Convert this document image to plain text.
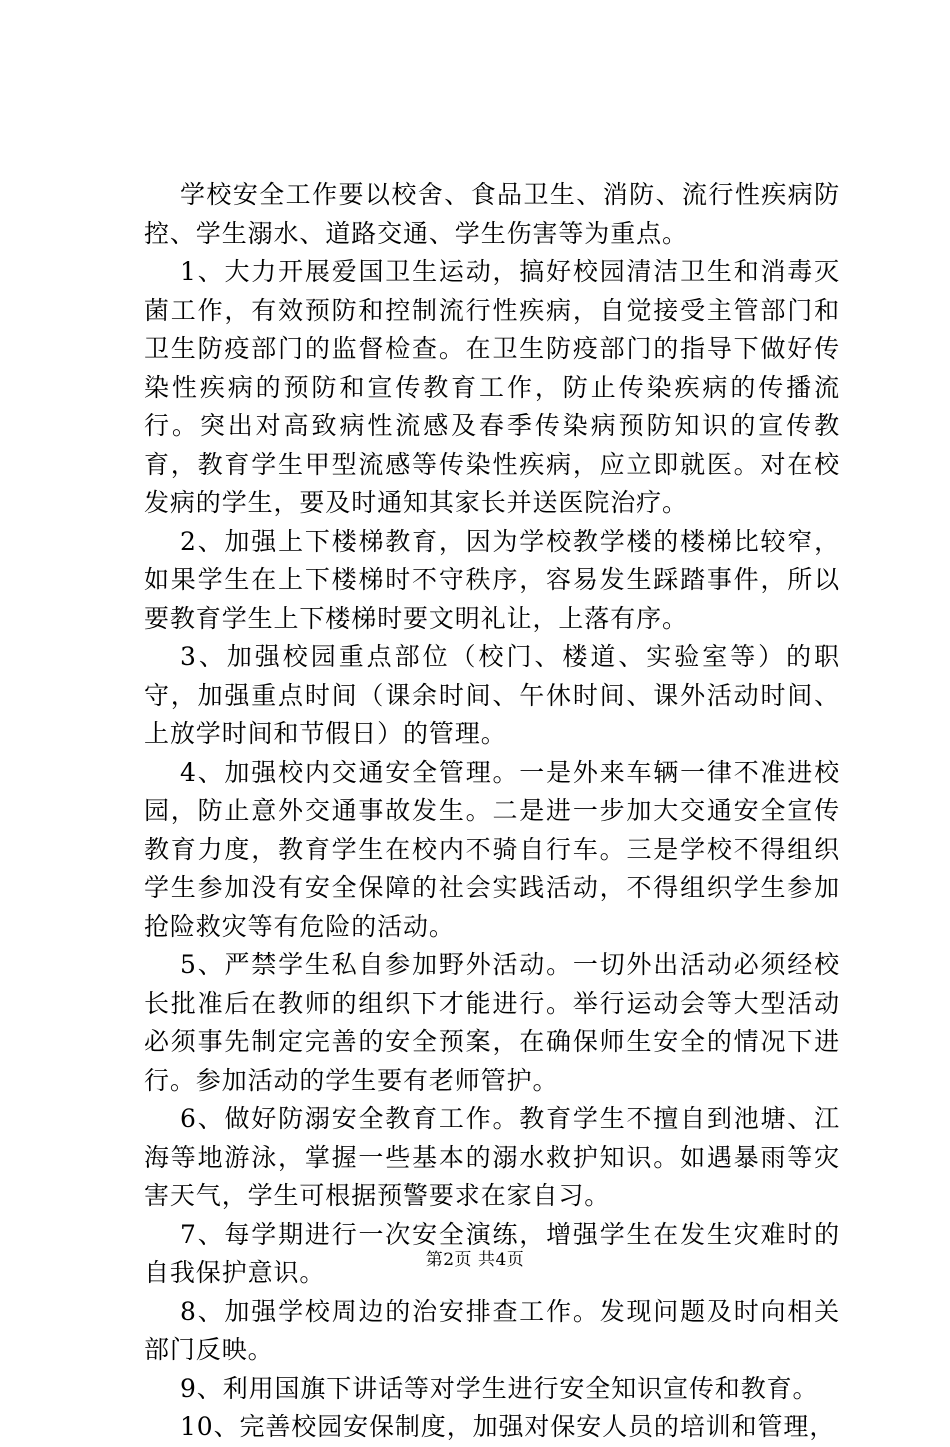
学校安全工作要以校舍、食品卫生、消防、流行性疾病防控、学生溺水、道路交通、学生伤害等为重点。

1、大力开展爱国卫生运动，搞好校园清洁卫生和消毒灭菌工作，有效预防和控制流行性疾病，自觉接受主管部门和卫生防疫部门的监督检查。在卫生防疫部门的指导下做好传染性疾病的预防和宣传教育工作，防止传染疾病的传播流行。突出对高致病性流感及春季传染病预防知识的宣传教育，教育学生甲型流感等传染性疾病，应立即就医。对在校发病的学生，要及时通知其家长并送医院治疗。

2、加强上下楼梯教育，因为学校教学楼的楼梯比较窄，如果学生在上下楼梯时不守秩序，容易发生踩踏事件，所以要教育学生上下楼梯时要文明礼让，上落有序。

3、加强校园重点部位（校门、楼道、实验室等）的职守，加强重点时间（课余时间、午休时间、课外活动时间、上放学时间和节假日）的管理。

4、加强校内交通安全管理。一是外来车辆一律不准进校园，防止意外交通事故发生。二是进一步加大交通安全宣传教育力度，教育学生在校内不骑自行车。三是学校不得组织学生参加没有安全保障的社会实践活动，不得组织学生参加抢险救灾等有危险的活动。

5、严禁学生私自参加野外活动。一切外出活动必须经校长批准后在教师的组织下才能进行。举行运动会等大型活动必须事先制定完善的安全预案，在确保师生安全的情况下进行。参加活动的学生要有老师管护。

6、做好防溺安全教育工作。教育学生不擅自到池塘、江海等地游泳，掌握一些基本的溺水救护知识。如遇暴雨等灾害天气，学生可根据预警要求在家自习。

7、每学期进行一次安全演练，增强学生在发生灾难时的自我保护意识。

8、加强学校周边的治安排查工作。发现问题及时向相关部门反映。

9、利用国旗下讲话等对学生进行安全知识宣传和教育。

10、完善校园安保制度，加强对保安人员的培训和管理，

第2页 共4页
